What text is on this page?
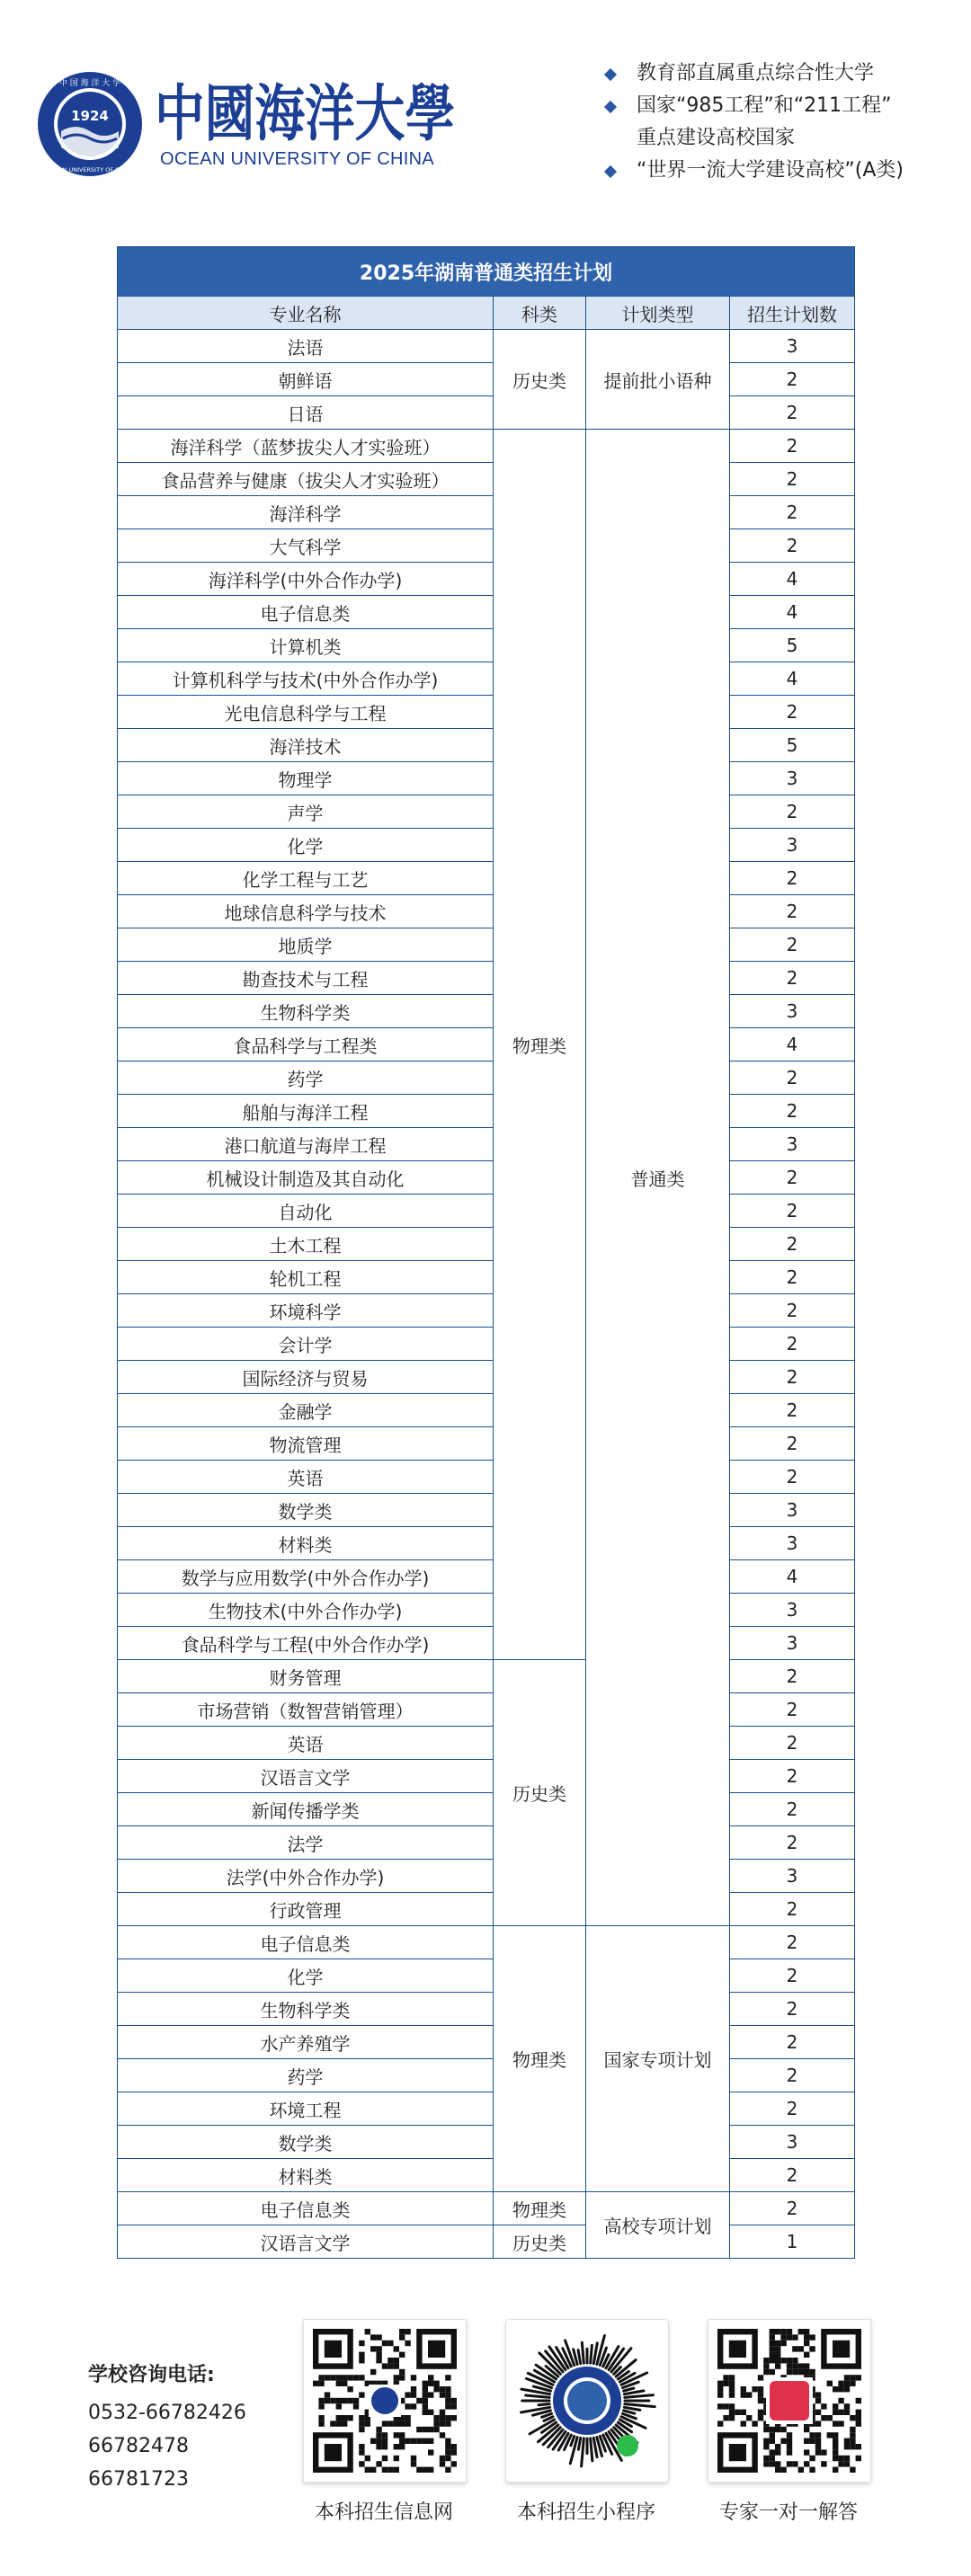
1924
中 国 海 洋 大 学
OCEAN UNIVERSITY OF CHINA
中國海洋大學
OCEAN UNIVERSITY OF CHINA
教育部直属重点综合性大学
国家“985工程”和“211工程”
重点建设高校国家
“世界一流大学建设高校”(A类)
2025年湖南普通类招生计划			
专业名称	科类	计划类型	招生计划数
法语	历史类	提前批小语种	3
朝鲜语			2
日语			2
海洋科学（蓝梦拔尖人才实验班）	物理类	普通类	2
食品营养与健康（拔尖人才实验班）			2
海洋科学			2
大气科学			2
海洋科学(中外合作办学)			4
电子信息类			4
计算机类			5
计算机科学与技术(中外合作办学)			4
光电信息科学与工程			2
海洋技术			5
物理学			3
声学			2
化学			3
化学工程与工艺			2
地球信息科学与技术			2
地质学			2
勘查技术与工程			2
生物科学类			3
食品科学与工程类			4
药学			2
船舶与海洋工程			2
港口航道与海岸工程			3
机械设计制造及其自动化			2
自动化			2
土木工程			2
轮机工程			2
环境科学			2
会计学			2
国际经济与贸易			2
金融学			2
物流管理			2
英语			2
数学类			3
材料类			3
数学与应用数学(中外合作办学)			4
生物技术(中外合作办学)			3
食品科学与工程(中外合作办学)			3
财务管理	历史类		2
市场营销（数智营销管理）			2
英语			2
汉语言文学			2
新闻传播学类			2
法学			2
法学(中外合作办学)			3
行政管理			2
电子信息类	物理类	国家专项计划	2
化学			2
生物科学类			2
水产养殖学			2
药学			2
环境工程			2
数学类			3
材料类			2
电子信息类	物理类	高校专项计划	2
汉语言文学	历史类		1
学校咨询电话:
0532-66782426
66782478
66781723
本科招生信息网	本科招生小程序	专家一对一解答
